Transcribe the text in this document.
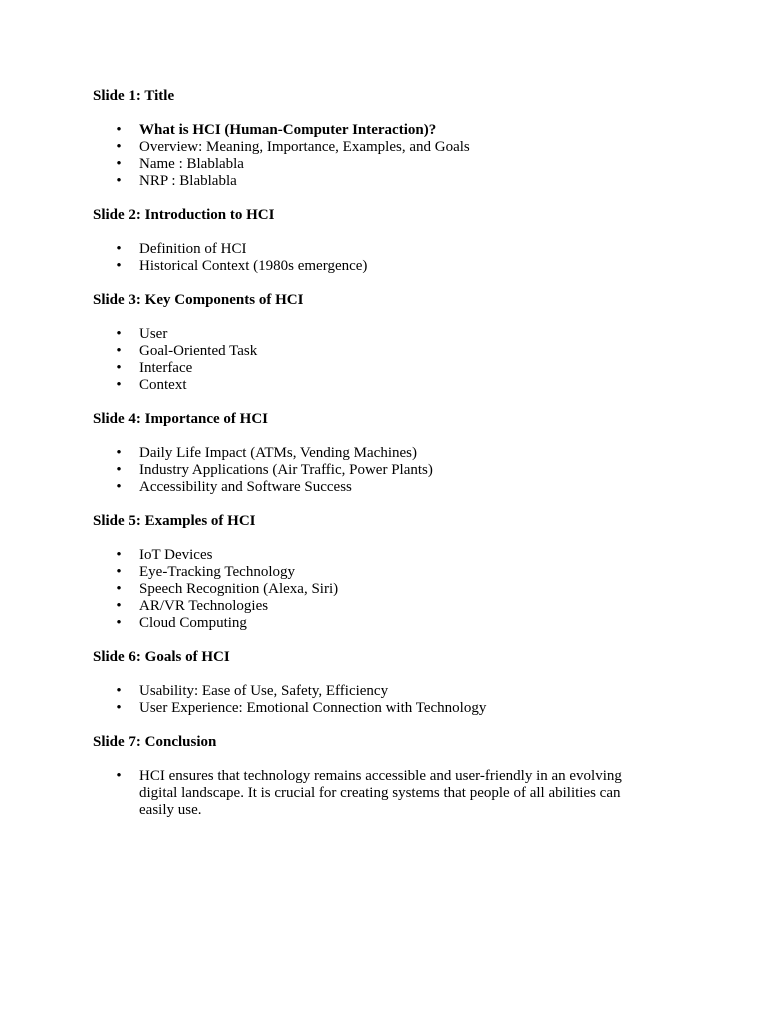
Slide 1: Title
• What is HCI (Human-Computer Interaction)?
• Overview: Meaning, Importance, Examples, and Goals
• Name : Blablabla
• NRP : Blablabla
Slide 2: Introduction to HCI
• Definition of HCI
• Historical Context (1980s emergence)
Slide 3: Key Components of HCI
• User
• Goal-Oriented Task
• Interface
• Context
Slide 4: Importance of HCI
• Daily Life Impact (ATMs, Vending Machines)
• Industry Applications (Air Traffic, Power Plants)
• Accessibility and Software Success
Slide 5: Examples of HCI
• IoT Devices
• Eye-Tracking Technology
• Speech Recognition (Alexa, Siri)
• AR/VR Technologies
• Cloud Computing
Slide 6: Goals of HCI
• Usability: Ease of Use, Safety, Efficiency
• User Experience: Emotional Connection with Technology
Slide 7: Conclusion
• HCI ensures that technology remains accessible and user-friendly in an evolving digital landscape. It is crucial for creating systems that people of all abilities can easily use.
